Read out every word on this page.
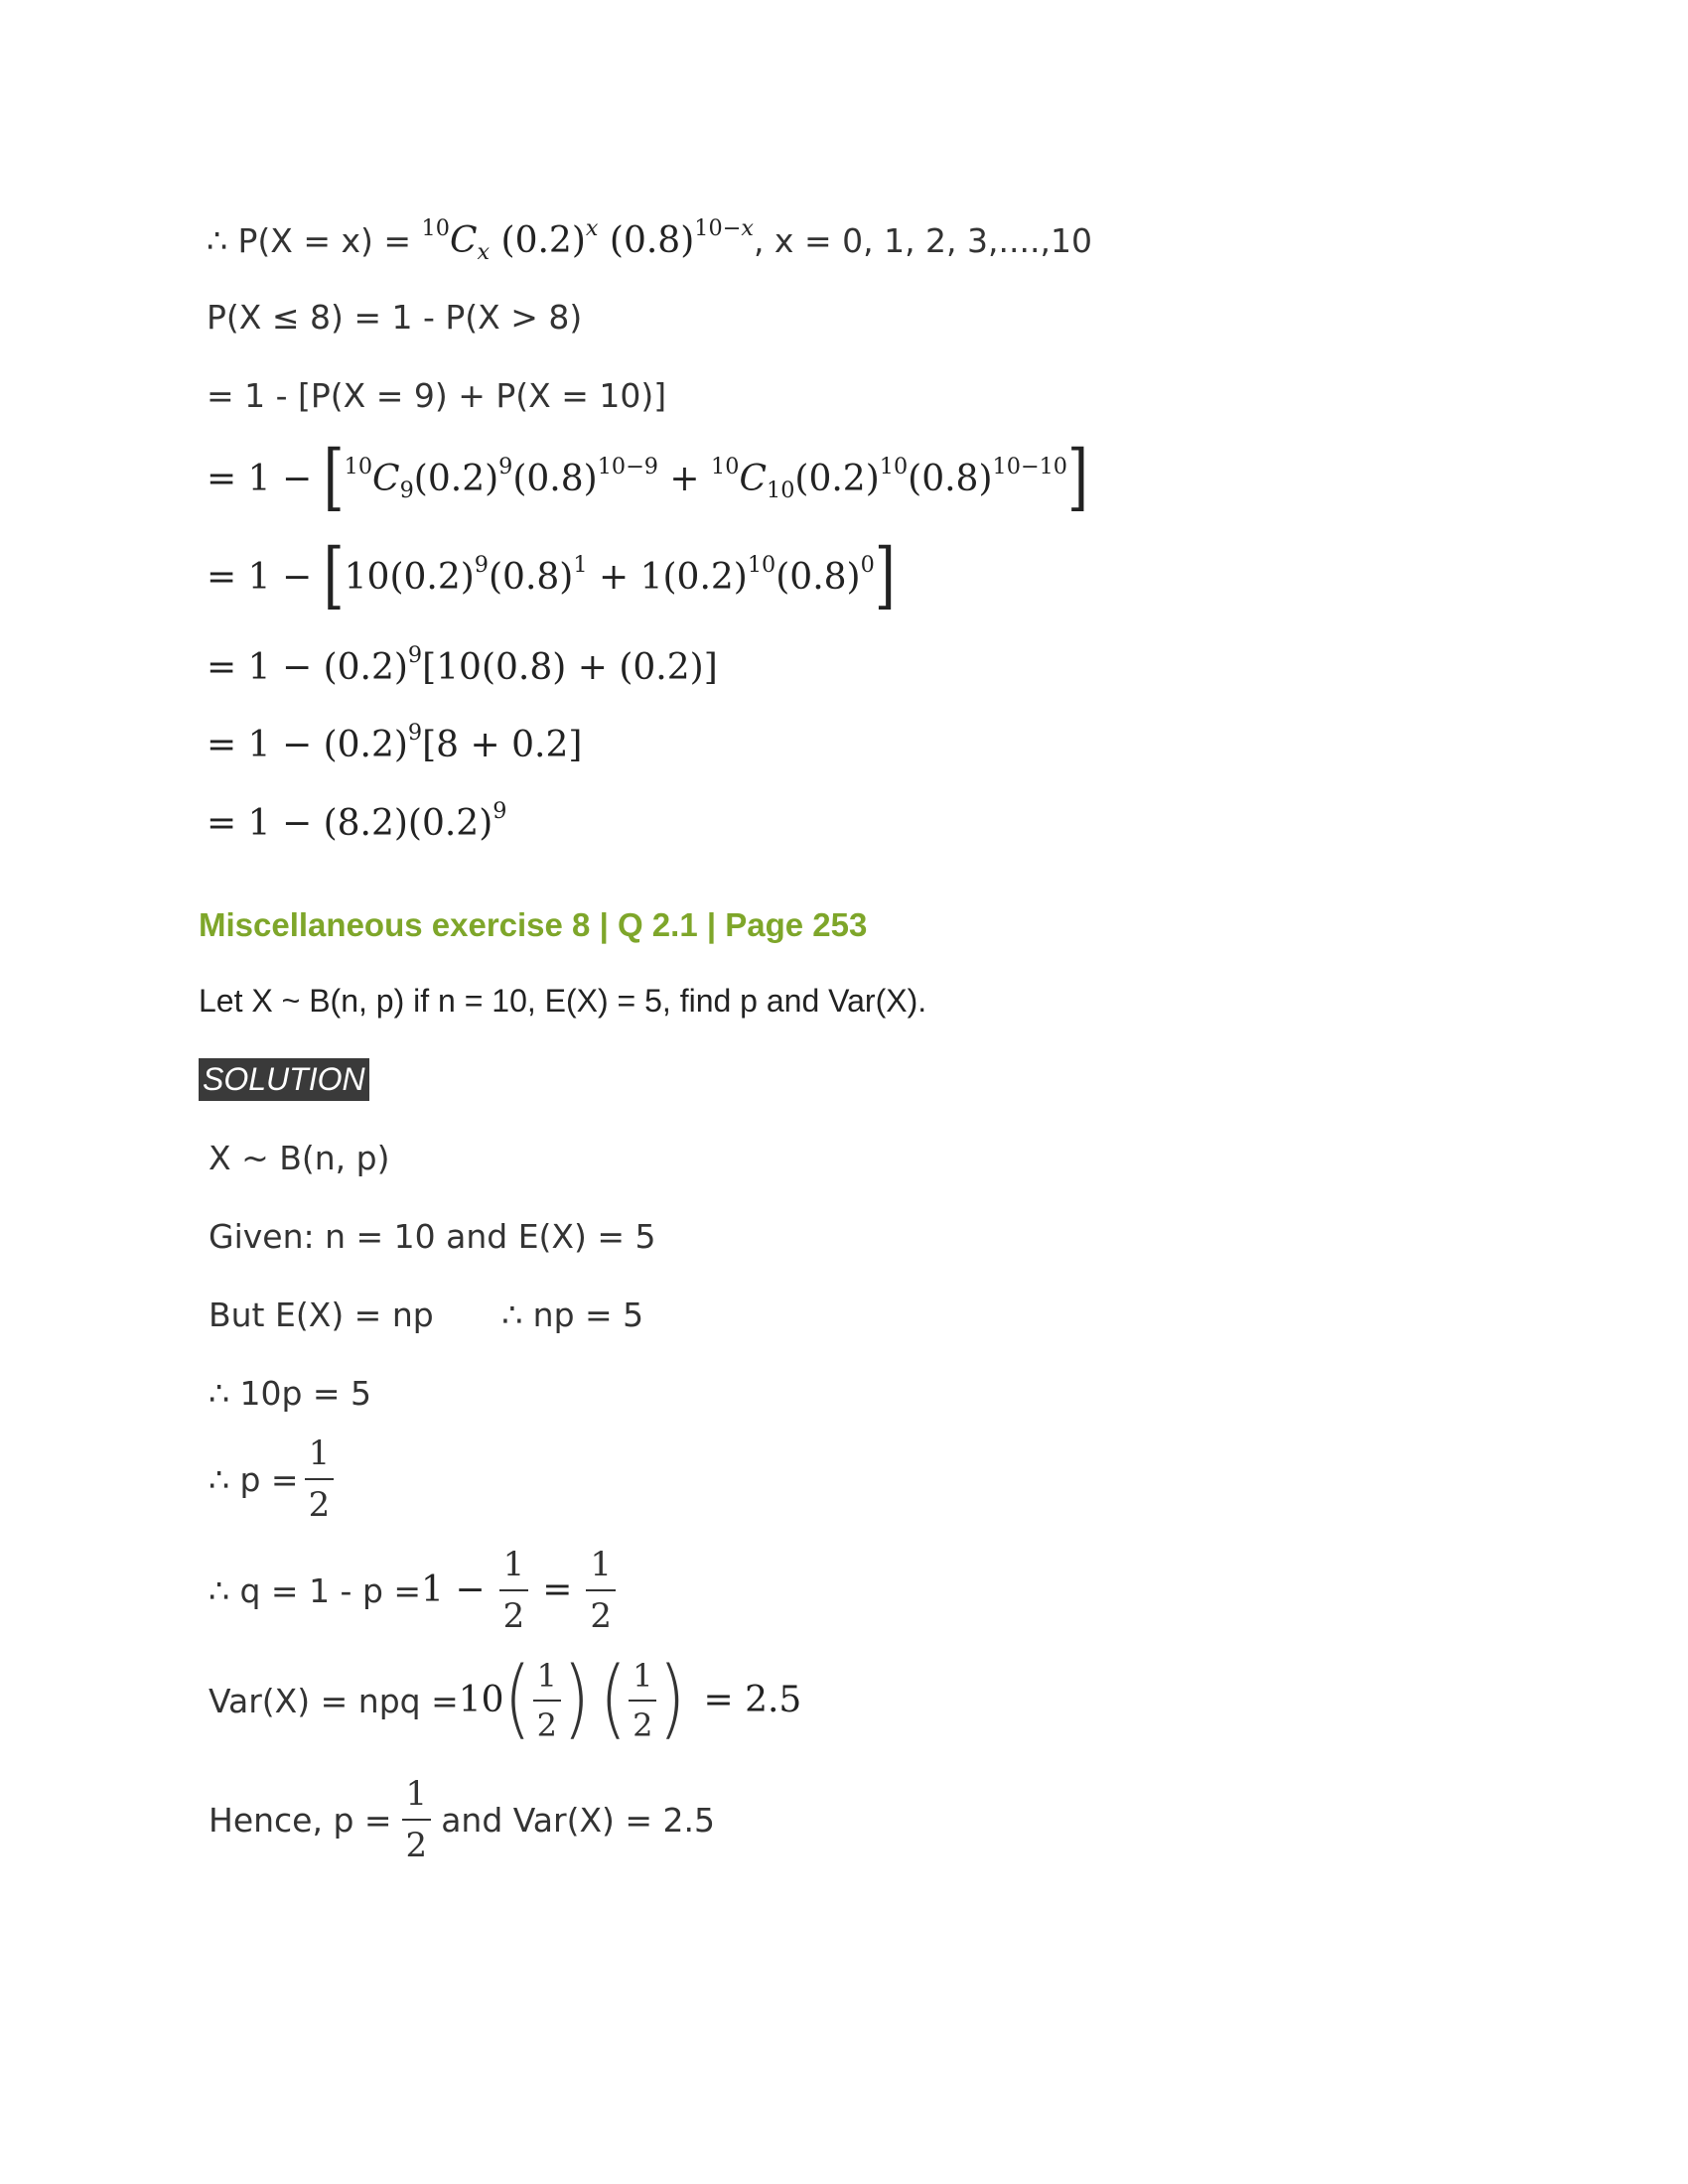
∴ $P(X = x) = ^{10}C_x$ $(0.2)^x$ $(0.8)^{10-x}$, x = 0, 1, 2, 3,....,10
P(X ≤ 8) = 1 - P(X > 8)
= 1 - [P(X = 9) + P(X = 10)]
= $1 - [^{10}C_9(0.2)^9(0.8)^{10-9} + ^{10}C_{10}(0.2)^{10}(0.8)^{10-10}]$
= $1 - [10(0.2)^9(0.8)^1 + 1(0.2)^{10}(0.8)^0]$
= $1 - (0.2)^9[10(0.8) + (0.2)]$
= $1 - (0.2)^9[8 + 0.2]$
= $1 - (8.2)(0.2)^9$
Miscellaneous exercise 8 | Q 2.1 | Page 253
Let X ~ B(n, p) if n = 10, E(X) = 5, find p and Var(X).
SOLUTION
X ~ B(n, p)
Given: n = 10 and E(X) = 5
But E(X) = np ∴ np = 5
∴ 10p = 5
∴ $p = \frac{1}{2}$
∴ $q = 1 - p = 1 - \frac{1}{2} = \frac{1}{2}$
Var(X) = npq = 10 ( $\frac{1}{2}$ ) ( $\frac{1}{2}$ ) = 2.5
Hence, $p = \frac{1}{2}$ and Var(X) = 2.5
